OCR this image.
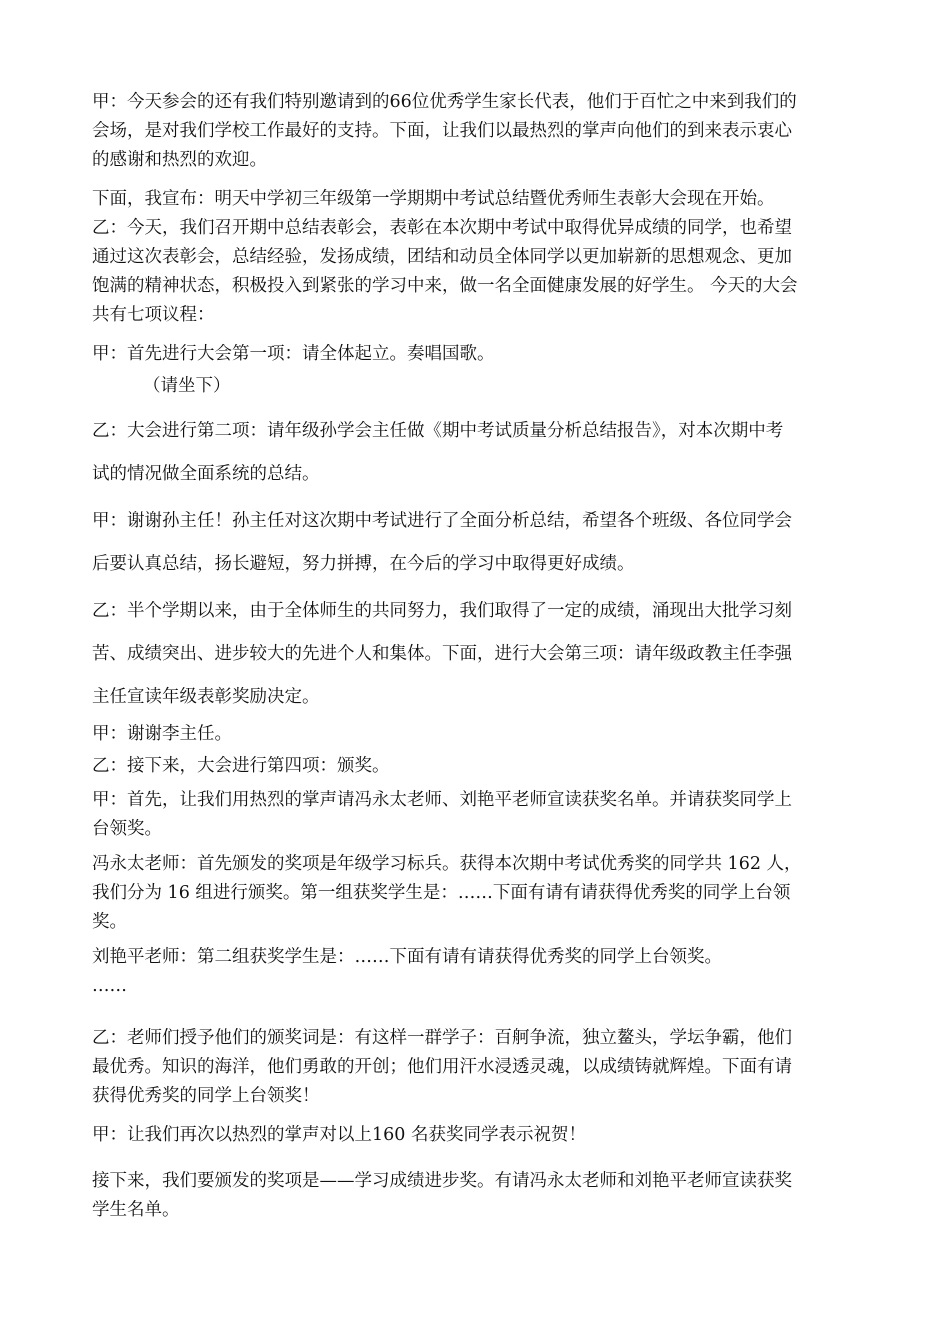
甲：今天参会的还有我们特别邀请到的66位优秀学生家长代表，他们于百忙之中来到我们的
会场，是对我们学校工作最好的支持。下面，让我们以最热烈的掌声向他们的到来表示衷心
的感谢和热烈的欢迎。

下面，我宣布：明天中学初三年级第一学期期中考试总结暨优秀师生表彰大会现在开始。

乙：今天，我们召开期中总结表彰会，表彰在本次期中考试中取得优异成绩的同学，也希望
通过这次表彰会，总结经验，发扬成绩，团结和动员全体同学以更加崭新的思想观念、更加
饱满的精神状态，积极投入到紧张的学习中来，做一名全面健康发展的好学生。 今天的大会
共有七项议程：

甲：首先进行大会第一项：请全体起立。奏唱国歌。

（请坐下）

乙：大会进行第二项：请年级孙学会主任做《期中考试质量分析总结报告》，对本次期中考
试的情况做全面系统的总结。

甲：谢谢孙主任！孙主任对这次期中考试进行了全面分析总结，希望各个班级、各位同学会
后要认真总结，扬长避短，努力拼搏，在今后的学习中取得更好成绩。

乙：半个学期以来，由于全体师生的共同努力，我们取得了一定的成绩，涌现出大批学习刻
苦、成绩突出、进步较大的先进个人和集体。下面，进行大会第三项：请年级政教主任李强
主任宣读年级表彰奖励决定。

甲：谢谢李主任。

乙：接下来，大会进行第四项：颁奖。

甲：首先，让我们用热烈的掌声请冯永太老师、刘艳平老师宣读获奖名单。并请获奖同学上
台领奖。

冯永太老师：首先颁发的奖项是年级学习标兵。获得本次期中考试优秀奖的同学共 162 人，
我们分为 16 组进行颁奖。第一组获奖学生是：……下面有请有请获得优秀奖的同学上台领
奖。

刘艳平老师：第二组获奖学生是：……下面有请有请获得优秀奖的同学上台领奖。

……

乙：老师们授予他们的颁奖词是：有这样一群学子：百舸争流，独立鳌头，学坛争霸，他们
最优秀。知识的海洋，他们勇敢的开创；他们用汗水浸透灵魂，以成绩铸就辉煌。下面有请
获得优秀奖的同学上台领奖！

甲：让我们再次以热烈的掌声对以上160 名获奖同学表示祝贺！

接下来，我们要颁发的奖项是——学习成绩进步奖。有请冯永太老师和刘艳平老师宣读获奖
学生名单。
